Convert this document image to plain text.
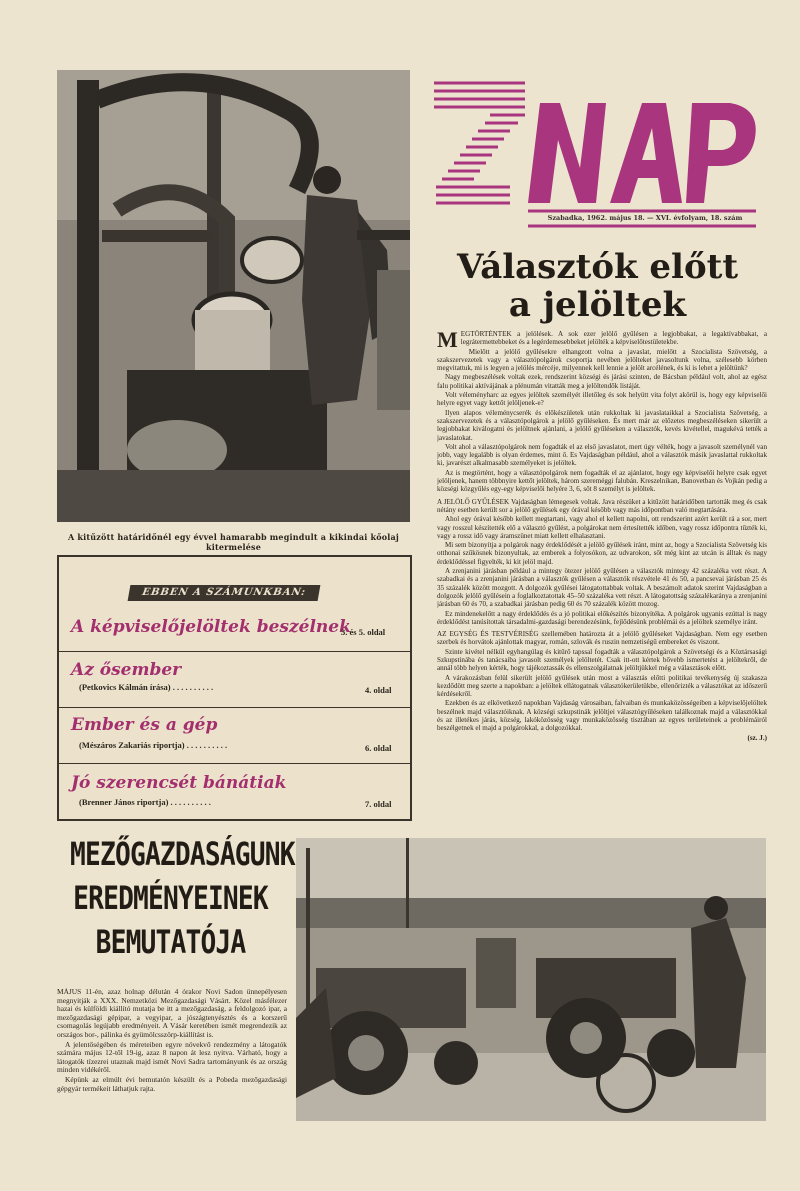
A kitűzött határidőnél egy évvel hamarabb megindult a kikindai kőolaj kitermelése
Szabadka, 1962. május 18. — XVI. évfolyam, 18. szám
Választók előtt
a jelöltek
M EGTÖRTÉNTEK a jelölések. A sok ezer jelölő gyűlésen a legjobbakat, a legaktívabbakat, a legrátermettebbeket és a legérdemesebbeket jelölték a képviselőtestületekbe.

Mielőtt a jelölő gyűlésekre elhangzott volna a javaslat, mielőtt a Szocialista Szövetség, a szakszervezetek vagy a választópolgárok csoportja nevében jelölteket javasoltunk volna, szélesebb körben megvitattuk, mi is legyen a jelölés mércéje, milyennek kell lennie a jelölt arcélének, és ki is lehet a jelöltünk?

Nagy megbeszélések voltak ezek, rendszerint községi és járási szinten, de Bácsban például volt, ahol az egész falu politikai aktívájának a plénumán vitatták meg a jelöltendők listáját.

Volt véleményharc az egyes jelöltek személyét illetőleg és sok helyütt vita folyt akörül is, hogy egy képviselői helyre egyet vagy kettőt jelöljenek-e?

Ilyen alapos véleménycserék és előkészületek után rukkoltak ki javaslataikkal a Szocialista Szövetség, a szakszervezetek és a választópolgárok a jelölő gyűléseken. És mert már az előzetes megbeszéléseken sikerült a legjobbakat kiválogatni és jelöltnek ajánlani, a jelölő gyűléseken a választók, kevés kivétellel, magukévá tették a javaslatokat.

Volt ahol a választópolgárok nem fogadták el az első javaslatot, mert úgy vélték, hogy a javasolt személynél van jobb, vagy legalább is olyan érdemes, mint ő. Es Vajdaságban például, ahol a választók másik javaslattal rukkoltak ki, javarészt alkalmasabb személyeket is jelöltek.

Az is megtörtént, hogy a választópolgárok nem fogadták el az ajánlatot, hogy egy képviselői helyre csak egyet jelöljenek, hanem többnyire kettőt jelöltek, három szereméggi falubán. Kreszelnikan, Banovetban és Vojkán pedig a községi közgyűlés egy-egy képviselői helyére 3, 6, sőt 8 személyt is jelöltek.

A JELÖLŐ GYŰLÉSEK Vajdaságban lémegesek voltak. Java részüket a kitűzött határidőben tartották meg és csak nétány esetben került sor a jelölő gyűlések egy órával később vagy más időpontban való megtartására.

Ahol egy órával később kellett megtartani, vagy ahol el kellett napolni, ott rendszerint azért került rá a sor, mert vagy rosszul készítették elő a választó gyűlést, a polgárokat nem értesítették időben, vagy rossz időpontra tűzték ki, vagy a rossz idő vagy áramszünet miatt kellett elhalasztani.

Mi sem bizonyítja a polgárok nagy érdeklődését a jelölő gyűlések iránt, mint az, hogy a Szocialista Szövetség kis otthonai szűkösnek bizonyultak, az emberek a folyosókon, az udvarokon, sőt még kint az utcán is álltak és nagy érdeklődéssel figyelték, ki kit jelöl majd.

A zrenjanini járásban például a mintegy ötezer jelölő gyűlésen a választók mintegy 42 százaléka vett részt. A szabadkai és a zrenjanini járásban a választók gyűlésen a választók részvétele 41 és 50, a pancsevai járásban 25 és 35 százalék között mozgott. A dolgozók gyűlései látogatottabbak voltak. A beszámolt adatok szerint Vajdaságban a dolgozók jelölő gyűlésein a foglalkoztatottak 45–50 százaléka vett részt. A látogatottság százalékaránya a zrenjanini járásban 60 és 70, a szabadkai járásban pedig 60 és 70 százalék között mozog.

Ez mindenekelőtt a nagy érdeklődés és a jó politikai előkészítés bizonyítéka. A polgárok ugyanis ezúttal is nagy érdeklődést tanúsítottak társadalmi-gazdasági berendezésünk, fejlődésünk problémái és a jelöltek személye iránt.

AZ EGYSÉG ÉS TESTVÉRISÉG szellemében határozta át a jelölő gyűléseket Vajdaságban. Nem egy esetben szerbek és horvátok ajánlottak magyar, román, szlovák és ruszin nemzetiségű embereket és viszont.

Szinte kivétel nélkül egyhangúlag és kitűrő tapssal fogadták a választópolgárok a Szövetségi és a Köztársasági Szkupstinába és tanácsaiba javasolt személyek jelöltetét. Csak itt-ott kértek bővebb ismertetést a jelöltekről, de annál több helyen kérték, hogy tájékoztassák és ellenszolgálatnak jelöltjükkel még a választások előtt.

A várakozásban felül sikerült jelölő gyűlések után most a választás előtti politikai tevékenység új szakasza kezdődött meg szerte a napokban: a jelöltek ellátogatnak választókerületükbe, ellenőrizték a választókat az időszerű kérdésekről.

Ezekben és az elkövetkező napokban Vajdaság városaiban, falvaiban és munkaközösségeiben a képviselőjelöltek beszélnek majd választóiknak. A községi szkupstinák jelöltjei választógyűléseken találkoznak majd a választókkal és az illetékes járás, község, lakóközösség vagy munkaközösség tisztában az egyes területeinek a problémáiról beszélgetnek el majd a polgárokkal, a dolgozókkal.

(sz. J.)
EBBEN A SZÁMUNKBAN:
A képviselőjelöltek beszélnek
3. és 5. oldal
Az ősember
(Petkovics Kálmán írása) . . . . . . . . . .	4. oldal
Ember és a gép
(Mészáros Zakariás riportja) . . . . . . . . . .	6. oldal
Jó szerencsét bánátiak
(Brenner János riportja) . . . . . . . . . .	7. oldal
MEZŐGAZDASÁGUNK
EREDMÉNYEINEK
BEMUTATÓJA

MÁJUS 11-én, azaz holnap délután 4 órakor Novi Sadon ünnepélyesen megnyitják a XXX. Nemzetközi Mezőgazdasági Vásárt. Közel másfélezer hazai és külföldi kiállító mutatja be itt a mezőgazdaság, a feldolgozó ipar, a mezőgazdasági gépipar, a vegyipar, a jószágtenyésztés és a korszerű csomagolás legújabb eredményeit. A Vásár keretében ismét megrendezik az országos bor-, pálinka és gyümölcsszörp-kiállítást is.

A jelentőségében és méreteiben egyre növekvő rendezmény a látogatók számára május 12-től 19-ig, azaz 8 napon át lesz nyitva. Várható, hogy a látogatók tízezrei utaznak majd ismét Novi Sadra tartományunk és az ország minden vidékéről.

Képünk az elmúlt évi bemutatón készült és a Pobeda mezőgazdasági gépgyár termékeit láthatjuk rajta.
